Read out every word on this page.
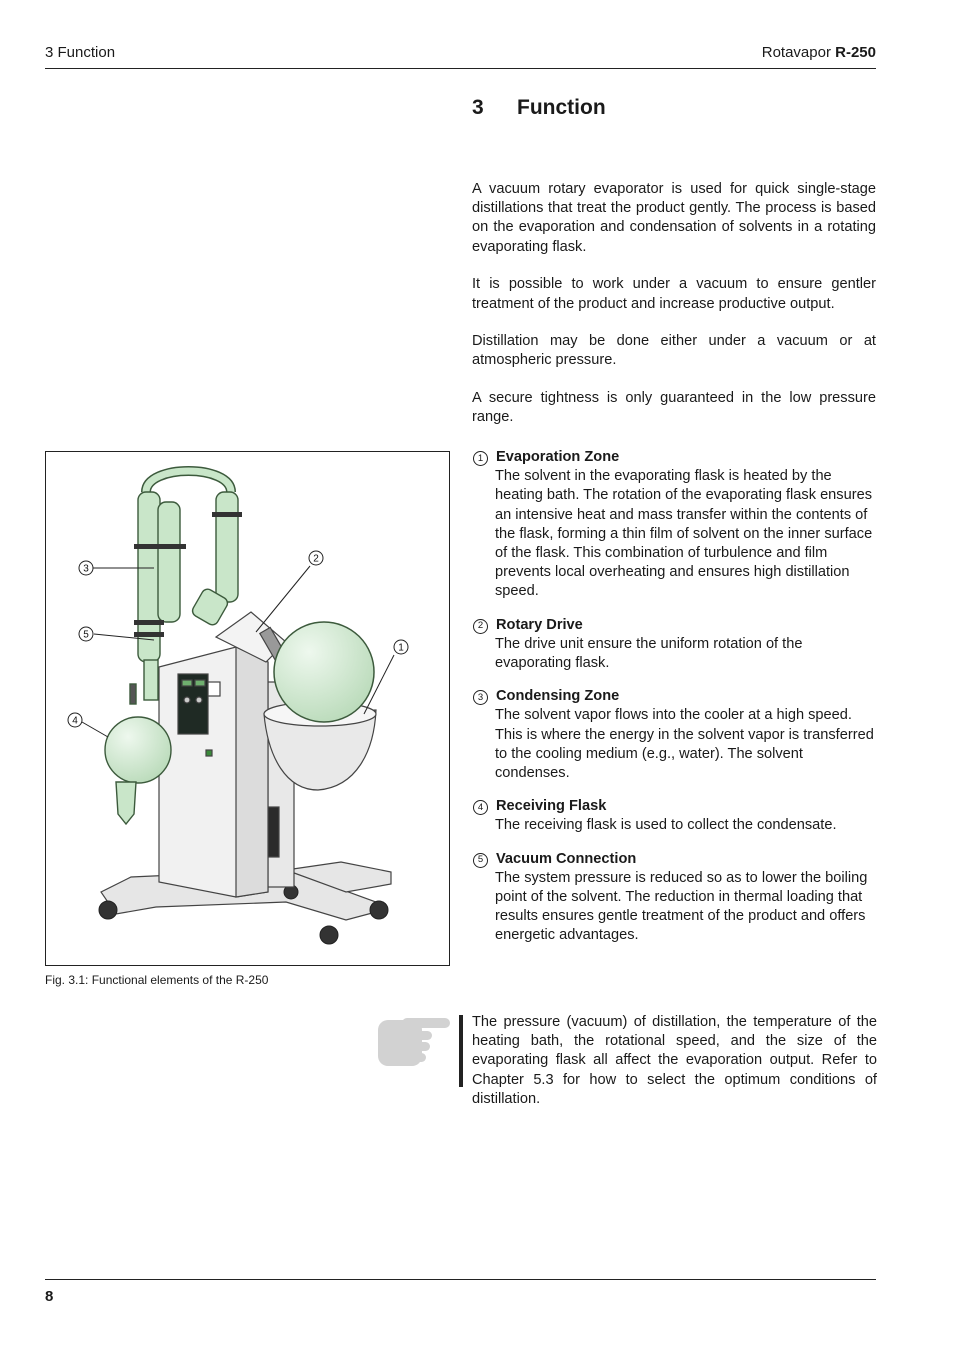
3 Function	Rotavapor R-250
3 Function

A vacuum rotary evaporator is used for quick single-stage distillations that treat the product gently. The process is based on the evaporation and condensation of solvents in a rotating evaporating flask.

It is possible to work under a vacuum to ensure gentler treatment of the product and increase productive output.

Distillation may be done either under a vacuum or at atmospheric pressure.

A secure tightness is only guaranteed in the low pressure range.

1 Evaporation Zone
The solvent in the evaporating flask is heated by the heating bath. The rotation of the evaporating flask ensures an intensive heat and mass transfer within the contents of the flask, forming a thin film of solvent on the inner surface of the flask. This combination of turbulence and film prevents local overheating and ensures high distillation speed.
2 Rotary Drive
The drive unit ensure the uniform rotation of the evaporating flask.
3 Condensing Zone
The solvent vapor flows into the cooler at a high speed. This is where the energy in the solvent vapor is transferred to the cooling medium (e.g., water). The solvent condenses.
4 Receiving Flask
The receiving flask is used to collect the condensate.
5 Vacuum Connection
The system pressure is reduced so as to lower the boiling point of the solvent. The reduction in thermal loading that results ensures gentle treatment of the product and offers energetic advantages.
3
5
4
2
1
Fig. 3.1: Functional elements of the R-250
The pressure (vacuum) of distillation, the temperature of the heating bath, the rotational speed, and the size of the evaporating flask all affect the evaporation output. Refer to Chapter 5.3 for how to select the optimum conditions of distillation.
8
